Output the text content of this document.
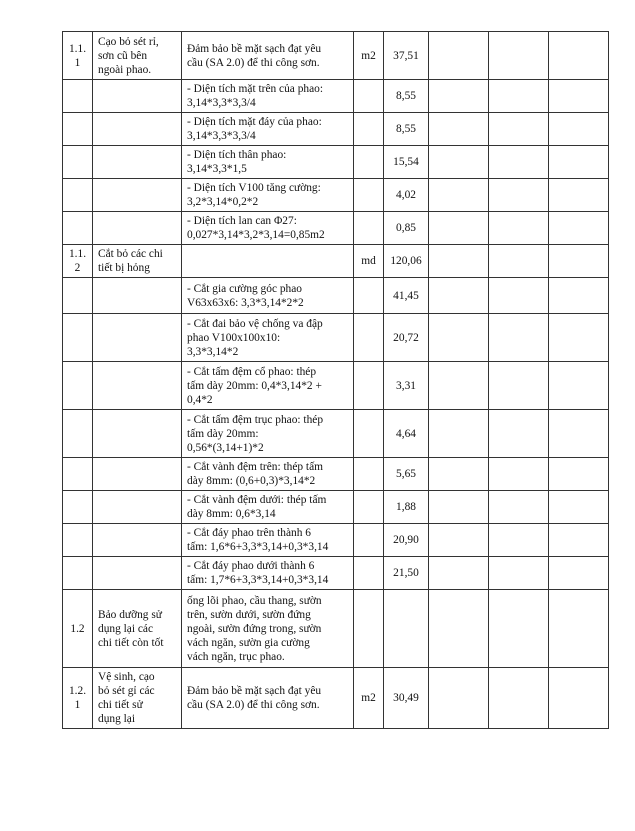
1.1.
1	Cạo bỏ sét rỉ,
sơn cũ bên
ngoài phao.	Đảm bảo bề mặt sạch đạt yêu
cầu (SA 2.0) để thi công sơn.	m2	37,51			
		- Diện tích mặt trên của phao:
3,14*3,3*3,3/4		8,55			
		- Diện tích mặt đáy của phao:
3,14*3,3*3,3/4		8,55			
		- Diện tích thân phao:
3,14*3,3*1,5		15,54			
		- Diện tích V100 tăng cường:
3,2*3,14*0,2*2		4,02			
		- Diện tích lan can Φ27:
0,027*3,14*3,2*3,14=0,85m2		0,85			
1.1.
2	Cắt bỏ các chi
tiết bị hỏng		md	120,06			
		- Cắt gia cường góc phao
V63x63x6: 3,3*3,14*2*2		41,45			
		- Cắt đai bảo vệ chống va đập
phao V100x100x10:
3,3*3,14*2		20,72			
		- Cắt tấm đệm cổ phao: thép
tấm dày 20mm: 0,4*3,14*2 +
0,4*2		3,31			
		- Cắt tấm đệm trục phao: thép
tấm dày 20mm:
0,56*(3,14+1)*2		4,64			
		- Cắt vành đệm trên: thép tấm
dày 8mm: (0,6+0,3)*3,14*2		5,65			
		- Cắt vành đệm dưới: thép tấm
dày 8mm: 0,6*3,14		1,88			
		- Cắt đáy phao trên thành 6
tấm: 1,6*6+3,3*3,14+0,3*3,14		20,90			
		- Cắt đáy phao dưới thành 6
tấm: 1,7*6+3,3*3,14+0,3*3,14		21,50			
1.2	Bảo dưỡng sử
dụng lại các
chi tiết còn tốt	ống lõi phao, cầu thang, sườn
trên, sườn dưới, sườn đứng
ngoài, sườn đứng trong, sườn
vách ngăn, sườn gia cường
vách ngăn, trục phao.					
1.2.
1	Vệ sinh, cạo
bỏ sét gỉ các
chi tiết sử
dụng lại	Đảm bảo bề mặt sạch đạt yêu
cầu (SA 2.0) để thi công sơn.	m2	30,49			
